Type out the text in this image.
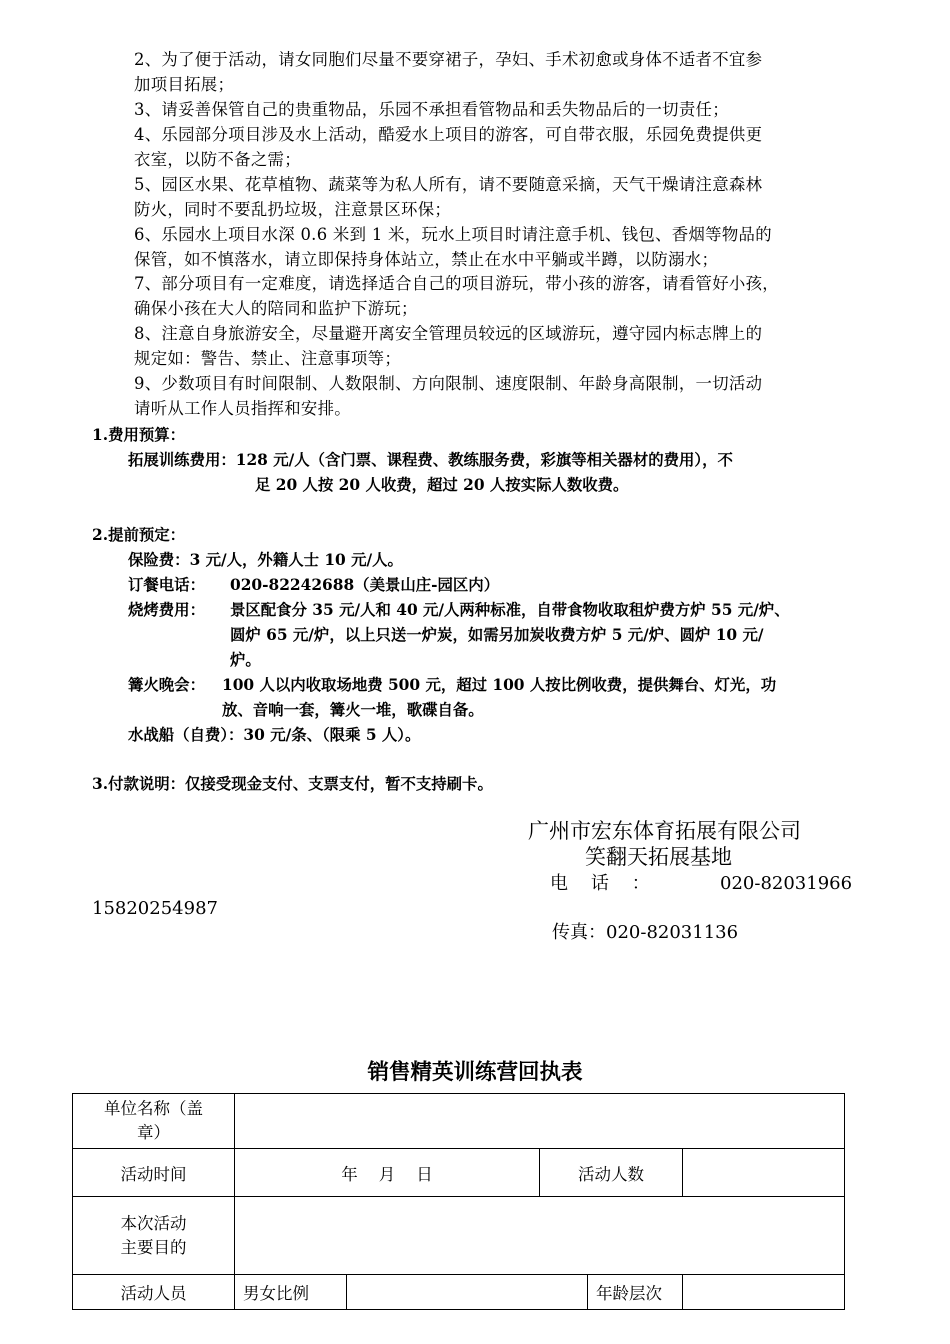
2、为了便于活动，请女同胞们尽量不要穿裙子，孕妇、手术初愈或身体不适者不宜参
加项目拓展；
3、请妥善保管自己的贵重物品，乐园不承担看管物品和丢失物品后的一切责任；
4、乐园部分项目涉及水上活动，酷爱水上项目的游客，可自带衣服，乐园免费提供更
衣室，以防不备之需；
5、园区水果、花草植物、蔬菜等为私人所有，请不要随意采摘，天气干燥请注意森林
防火，同时不要乱扔垃圾，注意景区环保；
6、乐园水上项目水深 0.6 米到 1 米，玩水上项目时请注意手机、钱包、香烟等物品的
保管，如不慎落水，请立即保持身体站立，禁止在水中平躺或半蹲，以防溺水；
7、部分项目有一定难度，请选择适合自己的项目游玩，带小孩的游客，请看管好小孩，
确保小孩在大人的陪同和监护下游玩；
8、注意自身旅游安全，尽量避开离安全管理员较远的区域游玩，遵守园内标志牌上的
规定如：警告、禁止、注意事项等；
9、少数项目有时间限制、人数限制、方向限制、速度限制、年龄身高限制，一切活动
请听从工作人员指挥和安排。
1.费用预算：
拓展训练费用：128 元/人（含门票、课程费、教练服务费，彩旗等相关器材的费用），不
足 20 人按 20 人收费，超过 20 人按实际人数收费。
2.提前预定：
保险费：3 元/人，外籍人士 10 元/人。
订餐电话： 020-82242688（美景山庄-园区内）
烧烤费用： 景区配食分 35 元/人和 40 元/人两种标准，自带食物收取租炉费方炉 55 元/炉、
圆炉 65 元/炉，以上只送一炉炭，如需另加炭收费方炉 5 元/炉、圆炉 10 元/
炉。
篝火晚会： 100 人以内收取场地费 500 元，超过 100 人按比例收费，提供舞台、灯光，功
放、音响一套，篝火一堆，歌碟自备。
水战船（自费）：30 元/条、（限乘 5 人）。
3.付款说明：仅接受现金支付、支票支付，暂不支持刷卡。
广州市宏东体育拓展有限公司
笑翻天拓展基地
电    话    ：	020-82031966
15820254987
传真：020-82031136
销售精英训练营回执表
单位名称（盖
章）					

活动时间	年    月    日		活动人数		

本次活动
主要目的					

活动人员	男女比例			年龄层次	
